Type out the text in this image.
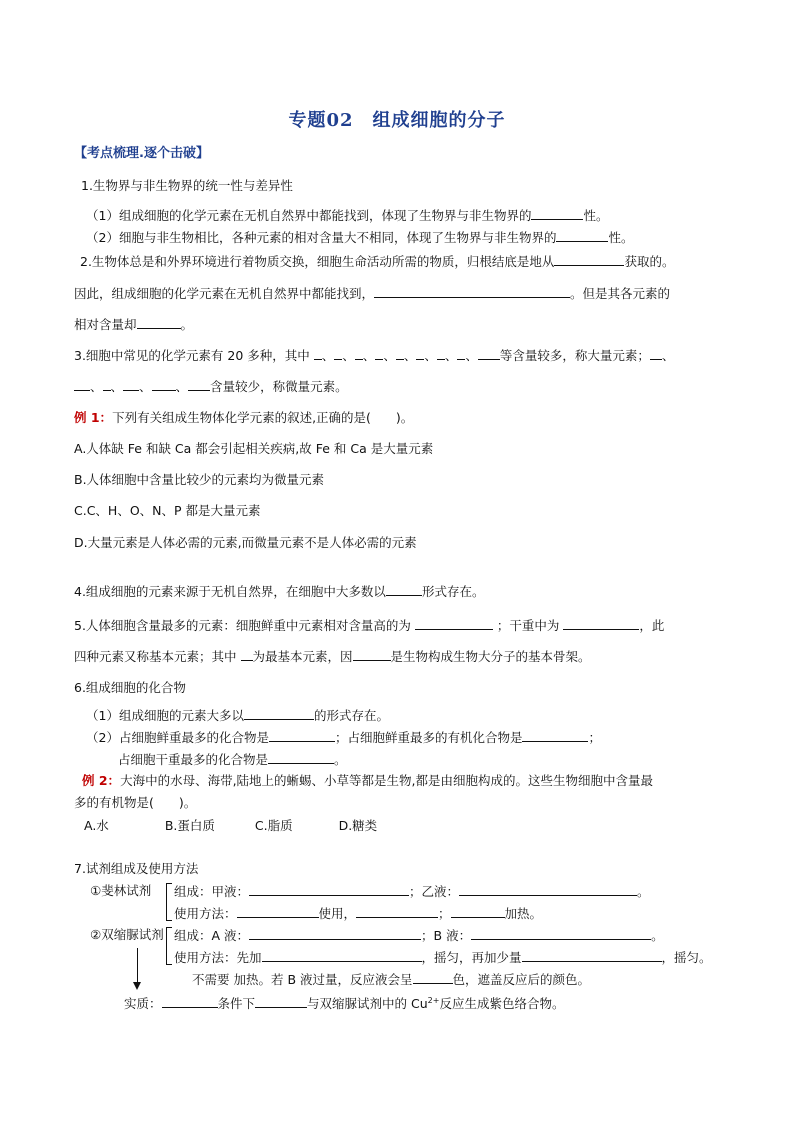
专题02　组成细胞的分子
【考点梳理.逐个击破】
1.生物界与非生物界的统一性与差异性
（1）组成细胞的化学元素在无机自然界中都能找到，体现了生物界与非生物界的	性。
（2）细胞与非生物相比，各种元素的相对含量大不相同，体现了生物界与非生物界的	性。
2.生物体总是和外界环境进行着物质交换，细胞生命活动所需的物质，归根结底是地从	获取的。
因此，组成细胞的化学元素在无机自然界中都能找到，	。但是其各元素的
相对含量却	。
3.细胞中常见的化学元素有 20 多种，其中 、 、 、 、 、 、 、 、 等含量较多，称大量元素； 、
、 、 、 、 含量较少，称微量元素。
例 1：下列有关组成生物体化学元素的叙述,正确的是(　　)。
A.人体缺 Fe 和缺 Ca 都会引起相关疾病,故 Fe 和 Ca 是大量元素
B.人体细胞中含量比较少的元素均为微量元素
C.C、H、O、N、P 都是大量元素
D.大量元素是人体必需的元素,而微量元素不是人体必需的元素
4.组成细胞的元素来源于无机自然界，在细胞中大多数以	形式存在。
5.人体细胞含量最多的元素：细胞鲜重中元素相对含量高的为	；干重中为	，此
四种元素又称基本元素；其中 为最基本元素，因	是生物构成生物大分子的基本骨架。
6.组成细胞的化合物
（1）组成细胞的元素大多以	的形式存在。
（2）占细胞鲜重最多的化合物是	；占细胞鲜重最多的有机化合物是	；
占细胞干重最多的化合物是	。
例 2：大海中的水母、海带,陆地上的蜥蜴、小草等都是生物,都是由细胞构成的。这些生物细胞中含量最
多的有机物是(　　)。
A.水	B.蛋白质	C.脂质	D.糖类
7.试剂组成及使用方法
①斐林试剂 组成：甲液：	；乙液：	。
使用方法：	使用，	；	加热。
②双缩脲试剂 组成：A 液：	；B 液：	。
使用方法：先加	，摇匀，再加少量	，摇匀。
不需要 加热。若 B 液过量，反应液会呈	色，遮盖反应后的颜色。
实质：	条件下	与双缩脲试剂中的 $Cu^{2+}$反应生成紫色络合物。
